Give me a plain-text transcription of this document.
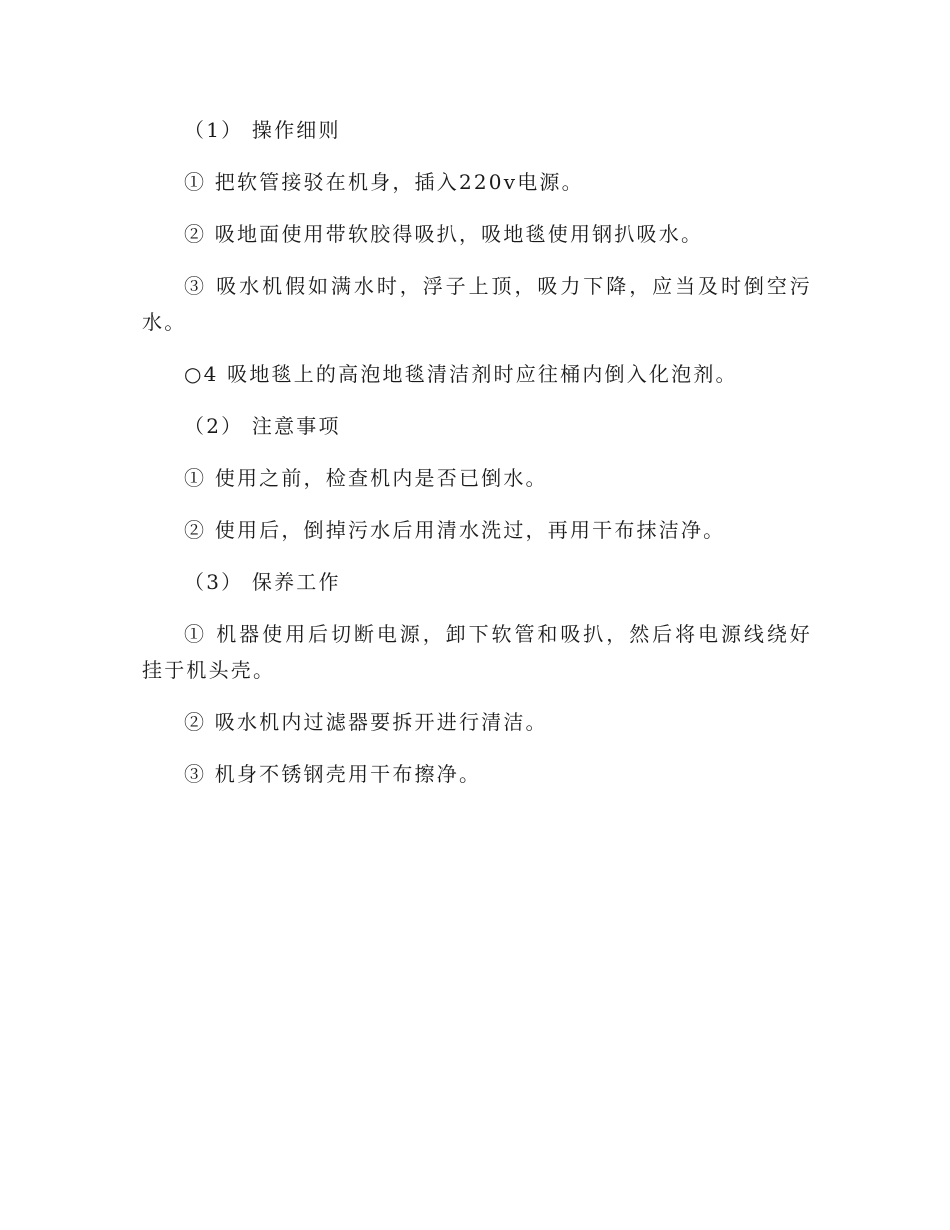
（1） 操作细则

① 把软管接驳在机身，插入220v电源。

② 吸地面使用带软胶得吸扒，吸地毯使用钢扒吸水。

③ 吸水机假如满水时，浮子上顶，吸力下降，应当及时倒空污水。

○4 吸地毯上的高泡地毯清洁剂时应往桶内倒入化泡剂。

（2） 注意事项

① 使用之前，检查机内是否已倒水。

② 使用后，倒掉污水后用清水洗过，再用干布抹洁净。

（3） 保养工作

① 机器使用后切断电源，卸下软管和吸扒，然后将电源线绕好挂于机头壳。

② 吸水机内过滤器要拆开进行清洁。

③ 机身不锈钢壳用干布擦净。
